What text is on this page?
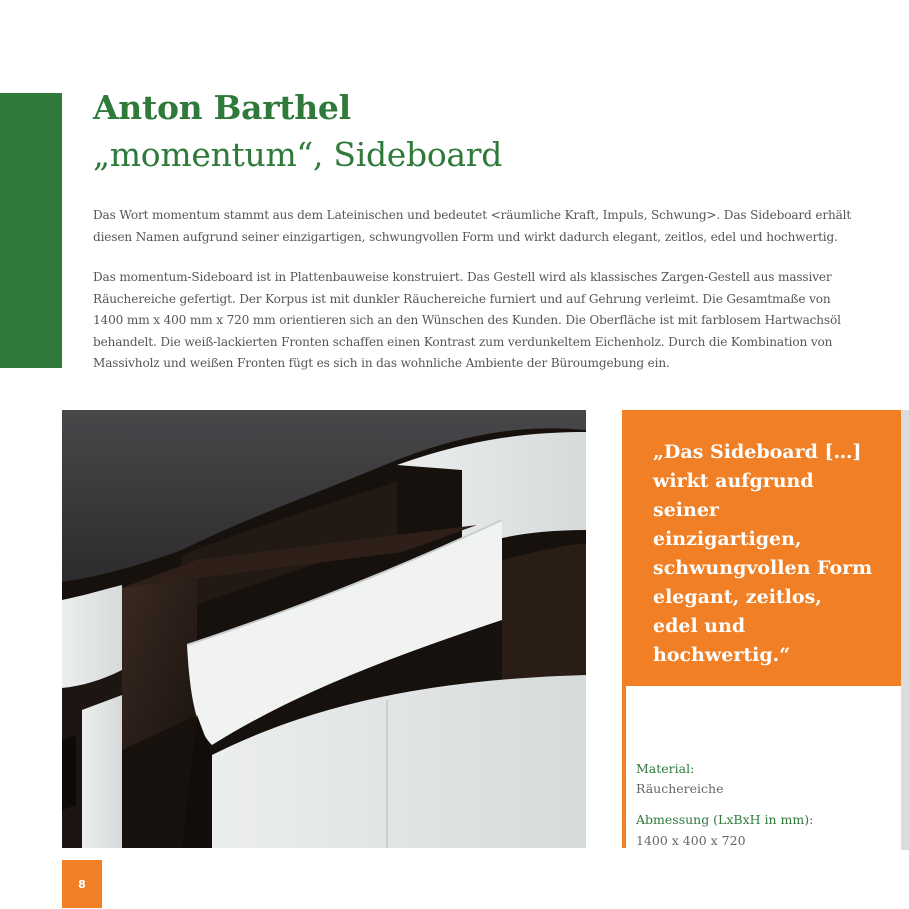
Anton Barthel
„momentum“, Sideboard

Das Wort momentum stammt aus dem Lateinischen und bedeutet <räumliche Kraft, Impuls, Schwung>. Das Sideboard erhält diesen Namen aufgrund seiner einzigartigen, schwungvollen Form und wirkt dadurch elegant, zeitlos, edel und hochwertig.

Das momentum-Sideboard ist in Plattenbauweise konstruiert. Das Gestell wird als klassisches Zargen-Gestell aus massiver Räuchereiche gefertigt. Der Korpus ist mit dunkler Räuchereiche furniert und auf Gehrung verleimt. Die Gesamtmaße von 1400 mm x 400 mm x 720 mm orientieren sich an den Wünschen des Kunden. Die Oberfläche ist mit farblosem Hartwachsöl behandelt. Die weiß-lackierten Fronten schaffen einen Kontrast zum verdunkeltem Eichenholz. Durch die Kombination von Massivholz und weißen Fronten fügt es sich in das wohnliche Ambiente der Büroumgebung ein.

„Das Sideboard […] wirkt aufgrund seiner einzigartigen, schwungvollen Form elegant, zeitlos, edel und hochwertig.“

Material:

Räuchereiche

Abmessung (LxBxH in mm):

1400 x 400 x 720

8
